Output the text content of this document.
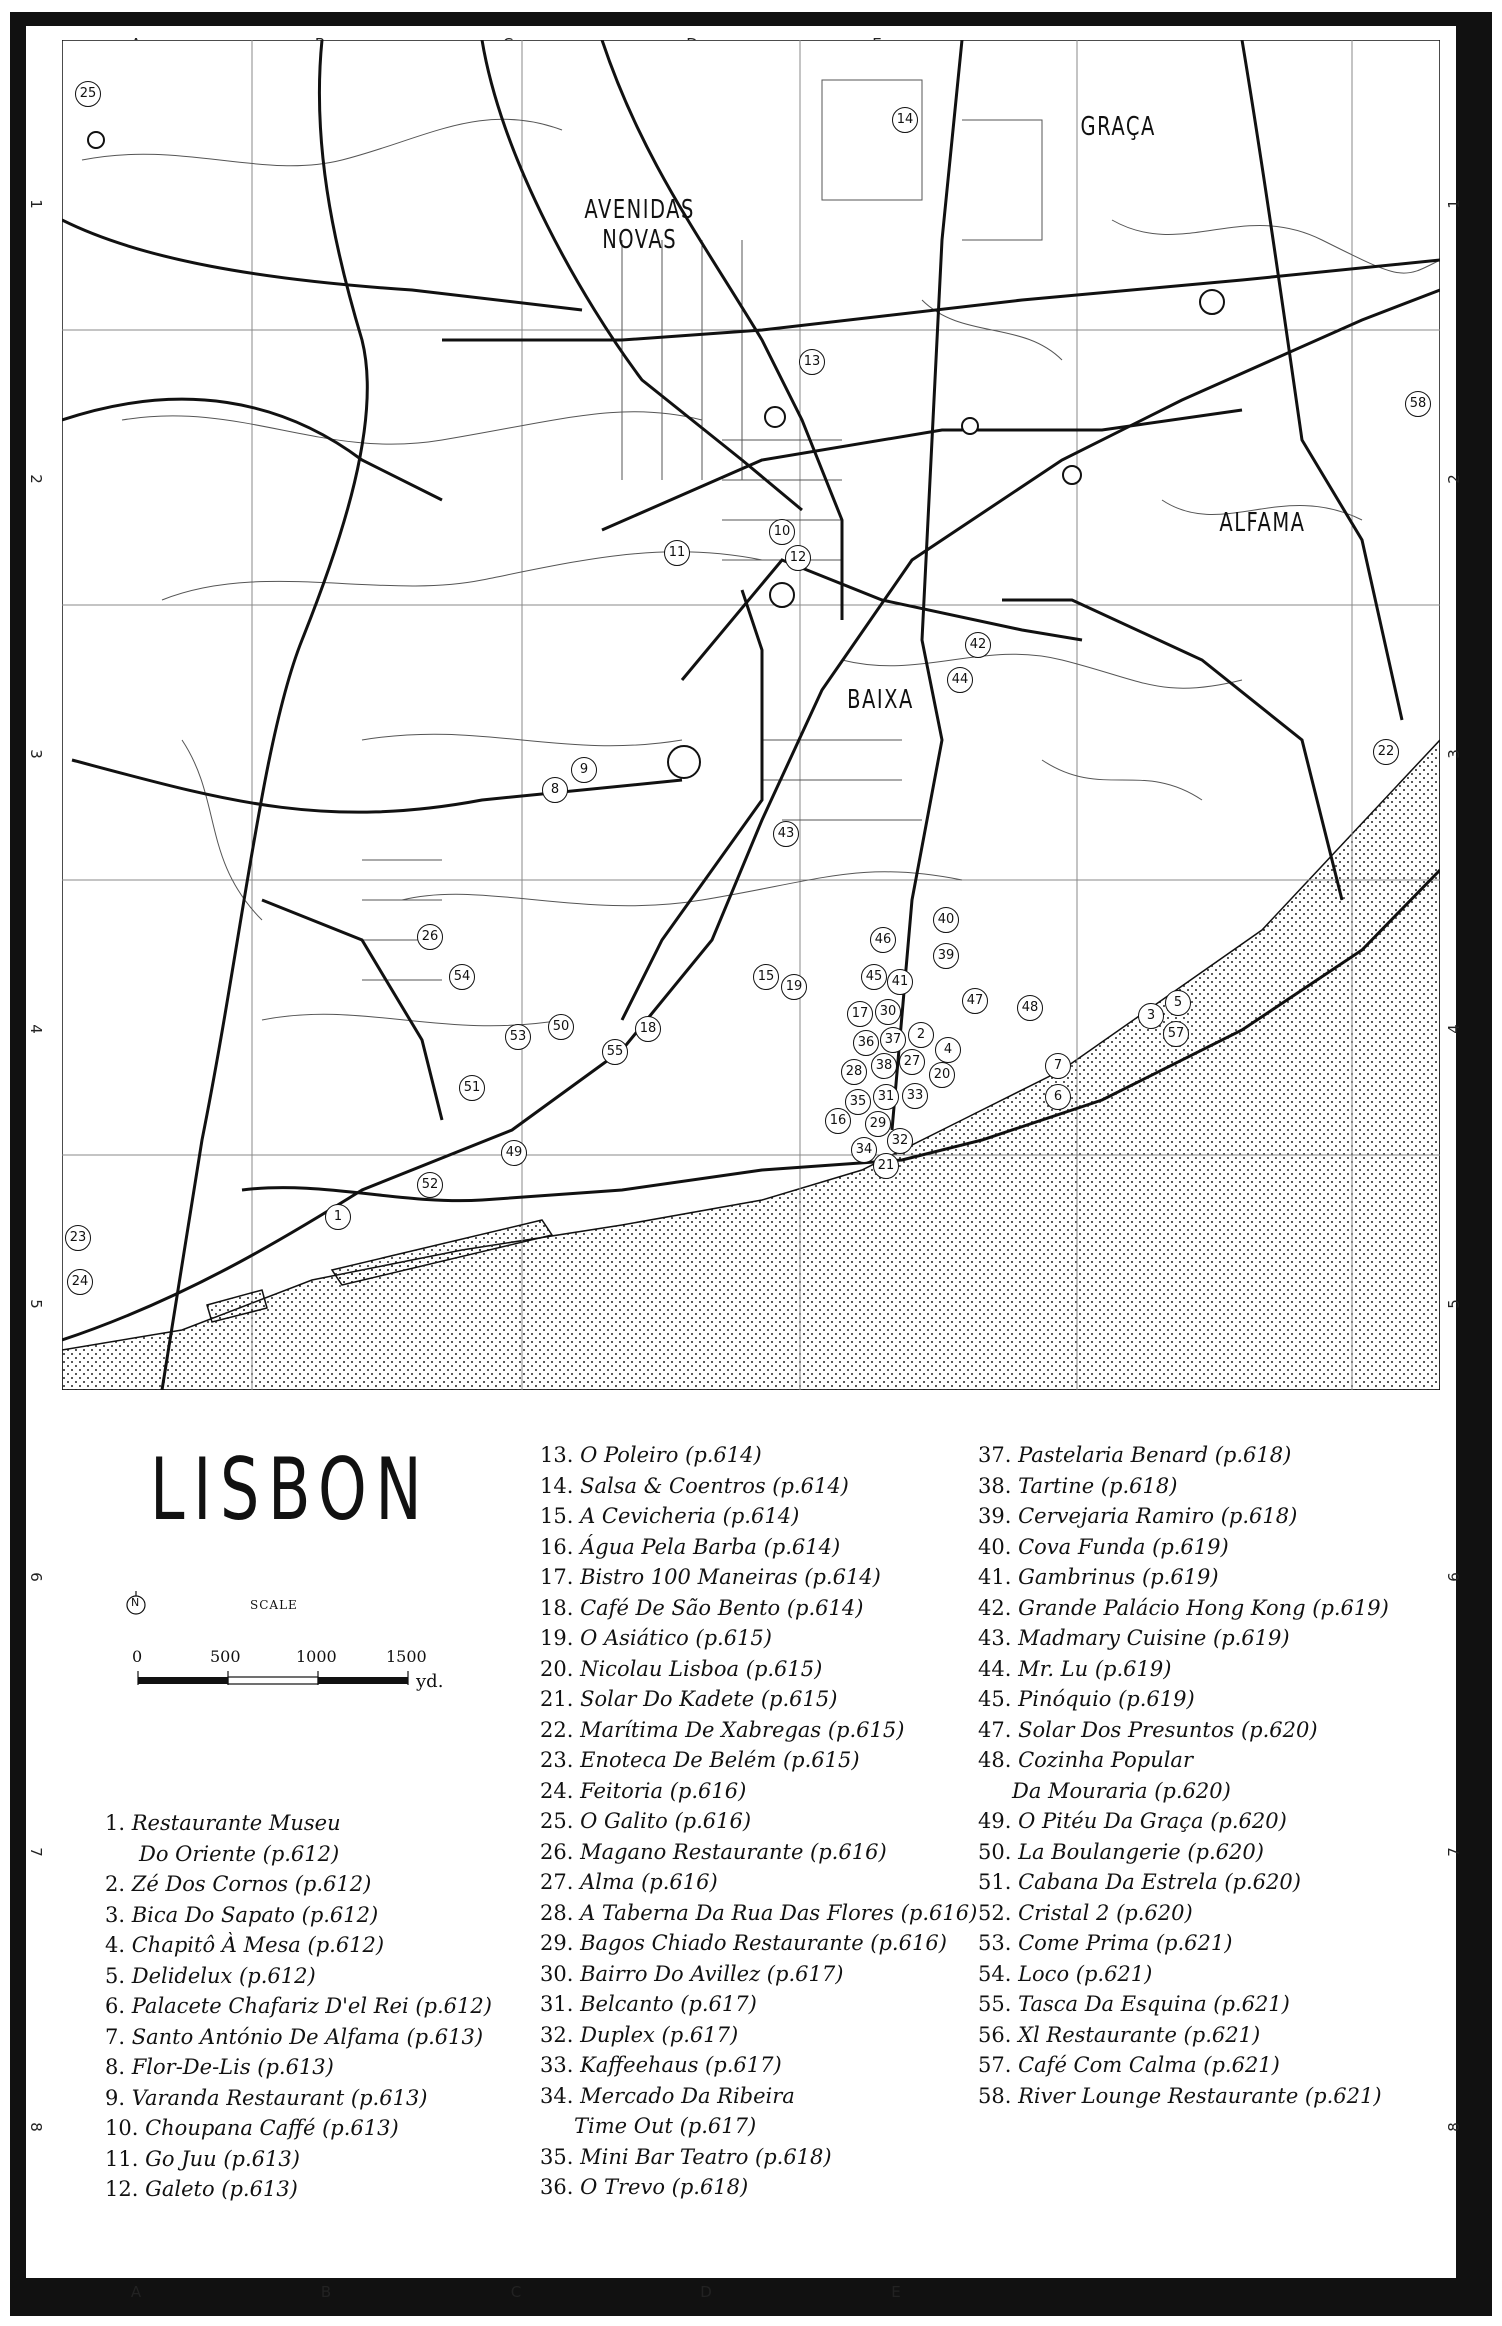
A	B	C	D	E
1
2
3
4
5
6
7
8
1
2
3
4
5
6
7
8
AVENIDAS
NOVAS
GRAÇA
ALFAMA
BAIXA
25
14
13
58
10
11	12
42
44
22
8
9
43
40
39
46
45 41
47	48
26
54	15
19
17 30
36 37	2
4
3
5
57
7
6
50
53
18
55
28	38 27
20
51
35 31 33
16	29
49
32
34
21
52
1
23
24
LISBON
N	SCALE
0	500	1000	1500
yd.
1. Restaurante Museu
Do Oriente (p.612)
2. Zé Dos Cornos (p.612)
3. Bica Do Sapato (p.612)
4. Chapitô À Mesa (p.612)
5. Delidelux (p.612)
6. Palacete Chafariz D'el Rei (p.612)
7. Santo António De Alfama (p.613)
8. Flor-De-Lis (p.613)
9. Varanda Restaurant (p.613)
10. Choupana Caffé (p.613)
11. Go Juu (p.613)
12. Galeto (p.613)
13. O Poleiro (p.614)
14. Salsa & Coentros (p.614)
15. A Cevicheria (p.614)
16. Água Pela Barba (p.614)
17. Bistro 100 Maneiras (p.614)
18. Café De São Bento (p.614)
19. O Asiático (p.615)
20. Nicolau Lisboa (p.615)
21. Solar Do Kadete (p.615)
22. Marítima De Xabregas (p.615)
23. Enoteca De Belém (p.615)
24. Feitoria (p.616)
25. O Galito (p.616)
26. Magano Restaurante (p.616)
27. Alma (p.616)
28. A Taberna Da Rua Das Flores (p.616)
29. Bagos Chiado Restaurante (p.616)
30. Bairro Do Avillez (p.617)
31. Belcanto (p.617)
32. Duplex (p.617)
33. Kaffeehaus (p.617)
34. Mercado Da Ribeira
Time Out (p.617)
35. Mini Bar Teatro (p.618)
36. O Trevo (p.618)
37. Pastelaria Benard (p.618)
38. Tartine (p.618)
39. Cervejaria Ramiro (p.618)
40. Cova Funda (p.619)
41. Gambrinus (p.619)
42. Grande Palácio Hong Kong (p.619)
43. Madmary Cuisine (p.619)
44. Mr. Lu (p.619)
45. Pinóquio (p.619)
47. Solar Dos Presuntos (p.620)
48. Cozinha Popular
Da Mouraria (p.620)
49. O Pitéu Da Graça (p.620)
50. La Boulangerie (p.620)
51. Cabana Da Estrela (p.620)
52. Cristal 2 (p.620)
53. Come Prima (p.621)
54. Loco (p.621)
55. Tasca Da Esquina (p.621)
56. Xl Restaurante (p.621)
57. Café Com Calma (p.621)
58. River Lounge Restaurante (p.621)
